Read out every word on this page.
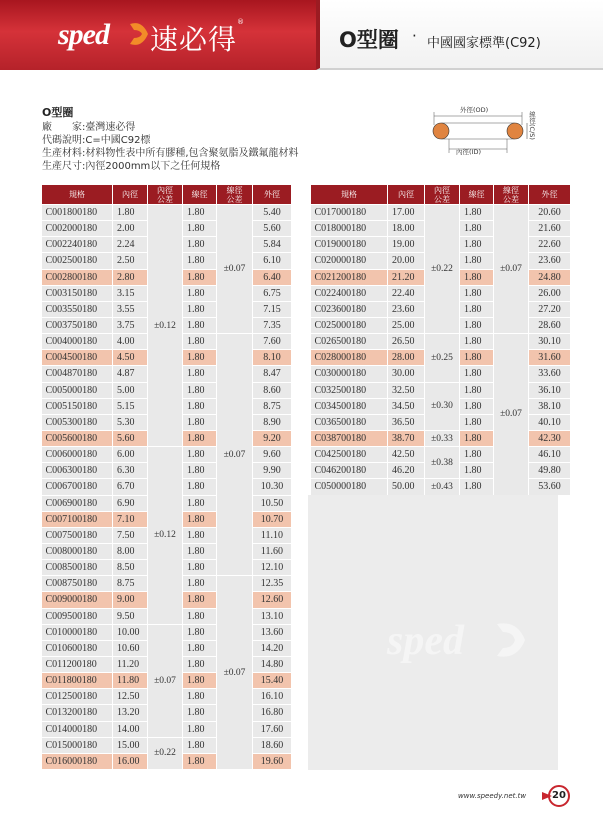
sped 速必得
®
O型圈 · 中國國家標準(C92)
O型圈
廠　　家:臺灣速必得
代碼說明:C=中國C92標
生產材料:材料物性表中所有膠種,包含聚氨脂及鐵氟龍材料
生產尺寸:內徑2000mm以下之任何規格
外徑(OD)
內徑(ID)
線徑(C/S)
規格	內徑	內徑
公差	線徑	線徑
公差	外徑
C001800180	1.80	±0.12	1.80	±0.07	5.40
C002000180	2.00		1.80		5.60
C002240180	2.24		1.80		5.84
C002500180	2.50		1.80		6.10
C002800180	2.80		1.80		6.40
C003150180	3.15		1.80		6.75
C003550180	3.55		1.80		7.15
C003750180	3.75		1.80		7.35
C004000180	4.00		1.80	±0.07	7.60
C004500180	4.50		1.80		8.10
C004870180	4.87		1.80		8.47
C005000180	5.00		1.80		8.60
C005150180	5.15		1.80		8.75
C005300180	5.30		1.80		8.90
C005600180	5.60		1.80		9.20
C006000180	6.00	±0.12	1.80		9.60
C006300180	6.30		1.80		9.90
C006700180	6.70		1.80		10.30
C006900180	6.90		1.80		10.50
C007100180	7.10		1.80		10.70
C007500180	7.50		1.80		11.10
C008000180	8.00		1.80		11.60
C008500180	8.50		1.80		12.10
C008750180	8.75		1.80	±0.07	12.35
C009000180	9.00		1.80		12.60
C009500180	9.50		1.80		13.10
C010000180	10.00	±0.07	1.80		13.60
C010600180	10.60		1.80		14.20
C011200180	11.20		1.80		14.80
C011800180	11.80		1.80		15.40
C012500180	12.50		1.80		16.10
C013200180	13.20		1.80		16.80
C014000180	14.00		1.80		17.60
C015000180	15.00	±0.22	1.80		18.60
C016000180	16.00		1.80		19.60
規格	內徑	內徑
公差	線徑	線徑
公差	外徑
C017000180	17.00	±0.22	1.80	±0.07	20.60
C018000180	18.00		1.80		21.60
C019000180	19.00		1.80		22.60
C020000180	20.00		1.80		23.60
C021200180	21.20		1.80		24.80
C022400180	22.40		1.80		26.00
C023600180	23.60		1.80		27.20
C025000180	25.00		1.80		28.60
C026500180	26.50	±0.25	1.80	±0.07	30.10
C028000180	28.00		1.80		31.60
C030000180	30.00		1.80		33.60
C032500180	32.50	±0.30	1.80		36.10
C034500180	34.50		1.80		38.10
C036500180	36.50		1.80		40.10
C038700180	38.70	±0.33	1.80		42.30
C042500180	42.50	±0.38	1.80		46.10
C046200180	46.20		1.80		49.80
C050000180	50.00	±0.43	1.80		53.60
sped
www.speedy.net.tw	20
